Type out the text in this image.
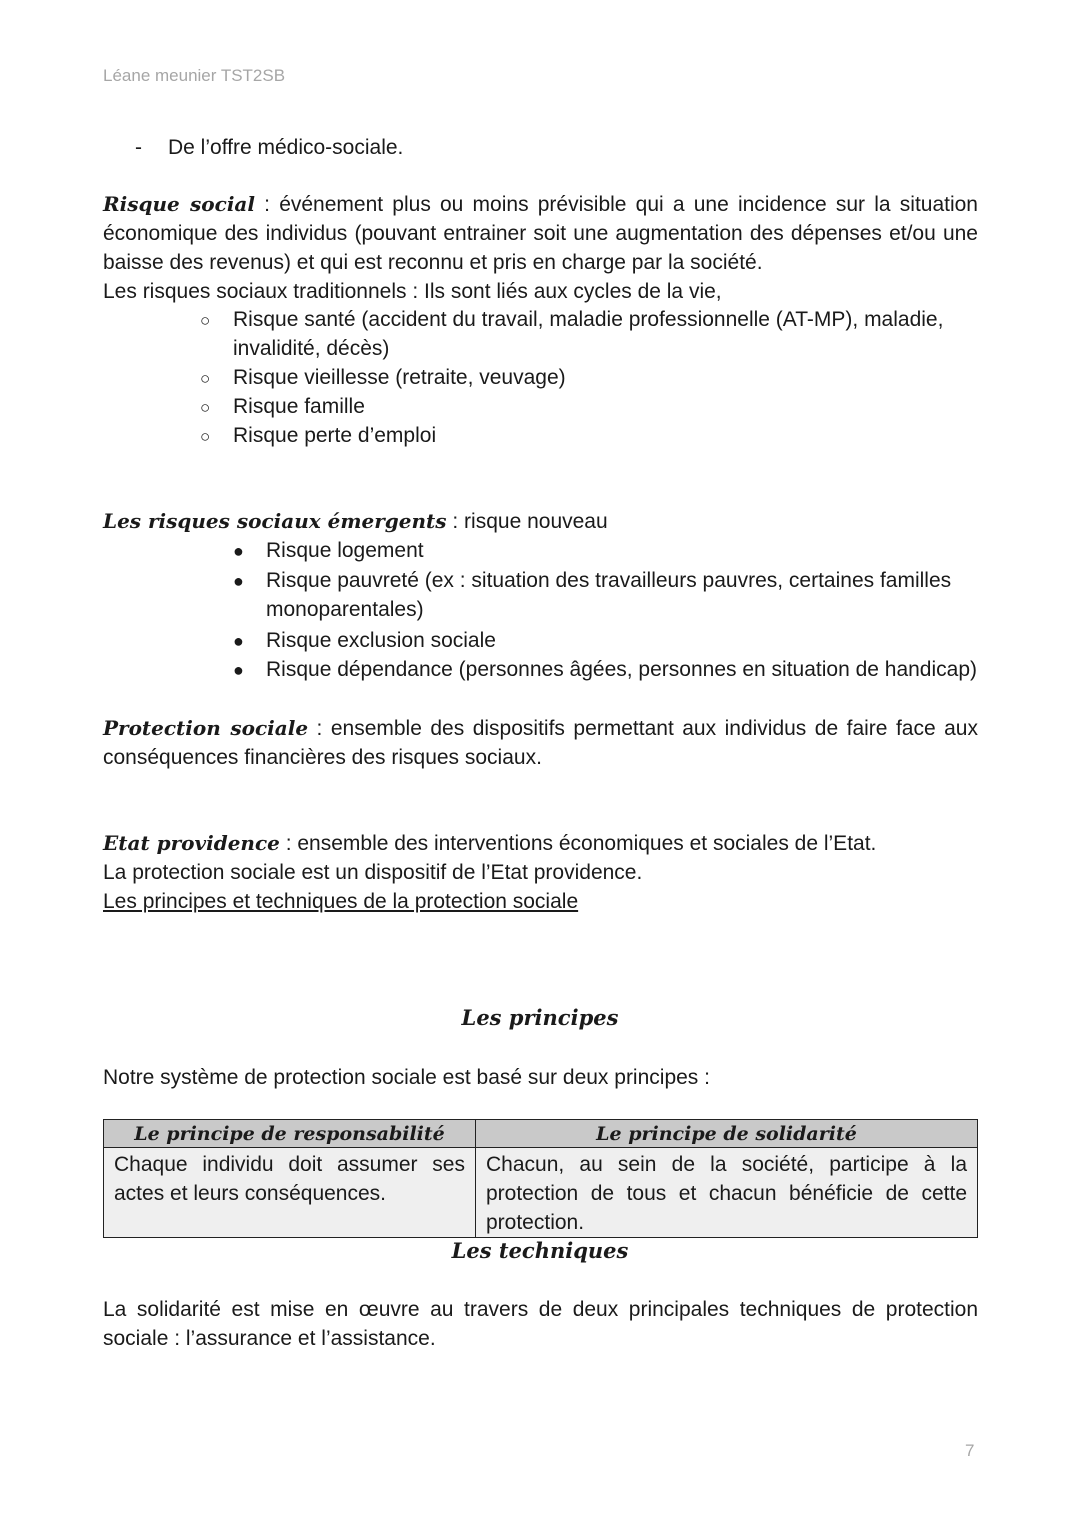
Léane meunier TST2SB
- De l’offre médico-sociale.
Risque social : événement plus ou moins prévisible qui a une incidence sur la situation économique des individus (pouvant entrainer soit une augmentation des dépenses et/ou une baisse des revenus) et qui est reconnu et pris en charge par la société.
Les risques sociaux traditionnels : Ils sont liés aux cycles de la vie,
○ Risque santé (accident du travail, maladie professionnelle (AT-MP), maladie,
invalidité, décès)
○ Risque vieillesse (retraite, veuvage)
○ Risque famille
○ Risque perte d’emploi
Les risques sociaux émergents : risque nouveau
● Risque logement
● Risque pauvreté (ex : situation des travailleurs pauvres, certaines familles
monoparentales)
● Risque exclusion sociale
● Risque dépendance (personnes âgées, personnes en situation de handicap)
Protection sociale : ensemble des dispositifs permettant aux individus de faire face aux conséquences financières des risques sociaux.
Etat providence : ensemble des interventions économiques et sociales de l’Etat.
La protection sociale est un dispositif de l’Etat providence.
Les principes et techniques de la protection sociale
Les principes
Notre système de protection sociale est basé sur deux principes :
Le principe de responsabilité	Le principe de solidarité
Chaque individu doit assumer ses actes et leurs conséquences.	Chacun, au sein de la société, participe à la protection de tous et chacun bénéficie de cette protection.
Les techniques
La solidarité est mise en œuvre au travers de deux principales techniques de protection sociale : l’assurance et l’assistance.
7
